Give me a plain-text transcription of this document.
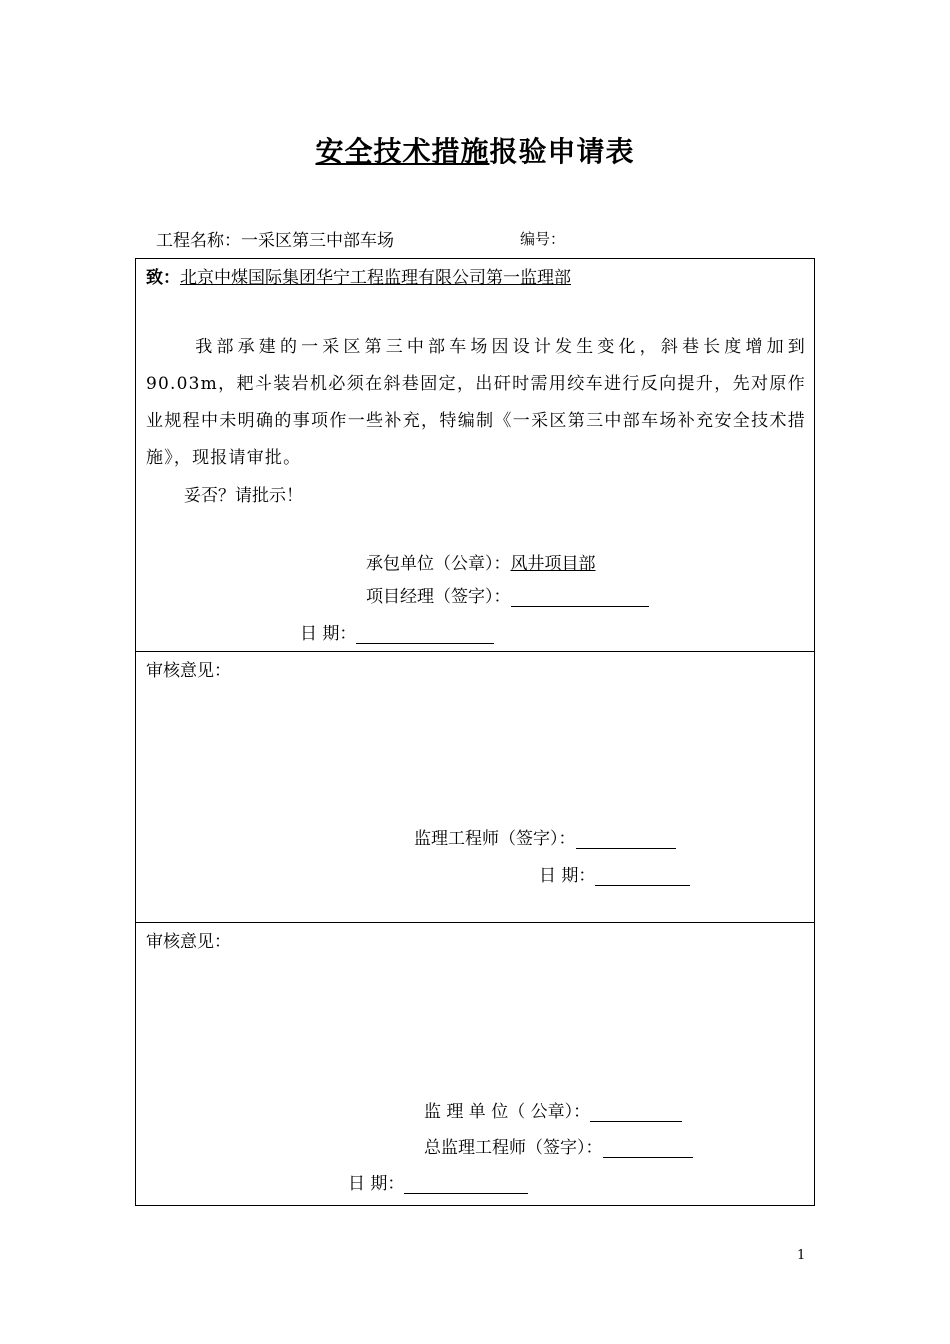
安全技术措施报验申请表
工程名称：一采区第三中部车场	编号：
致：北京中煤国际集团华宁工程监理有限公司第一监理部
我部承建的一采区第三中部车场因设计发生变化，斜巷长度增加到90.03m，耙斗装岩机必须在斜巷固定，出矸时需用绞车进行反向提升，先对原作业规程中未明确的事项作一些补充，特编制《一采区第三中部车场补充安全技术措施》，现报请审批。
妥否？请批示！
承包单位（公章）：风井项目部
项目经理（签字）：
日 期：
审核意见：
监理工程师（签字）：
日 期：
审核意见：
监 理 单 位（ 公章）：
总监理工程师（签字）：
日 期：
1
